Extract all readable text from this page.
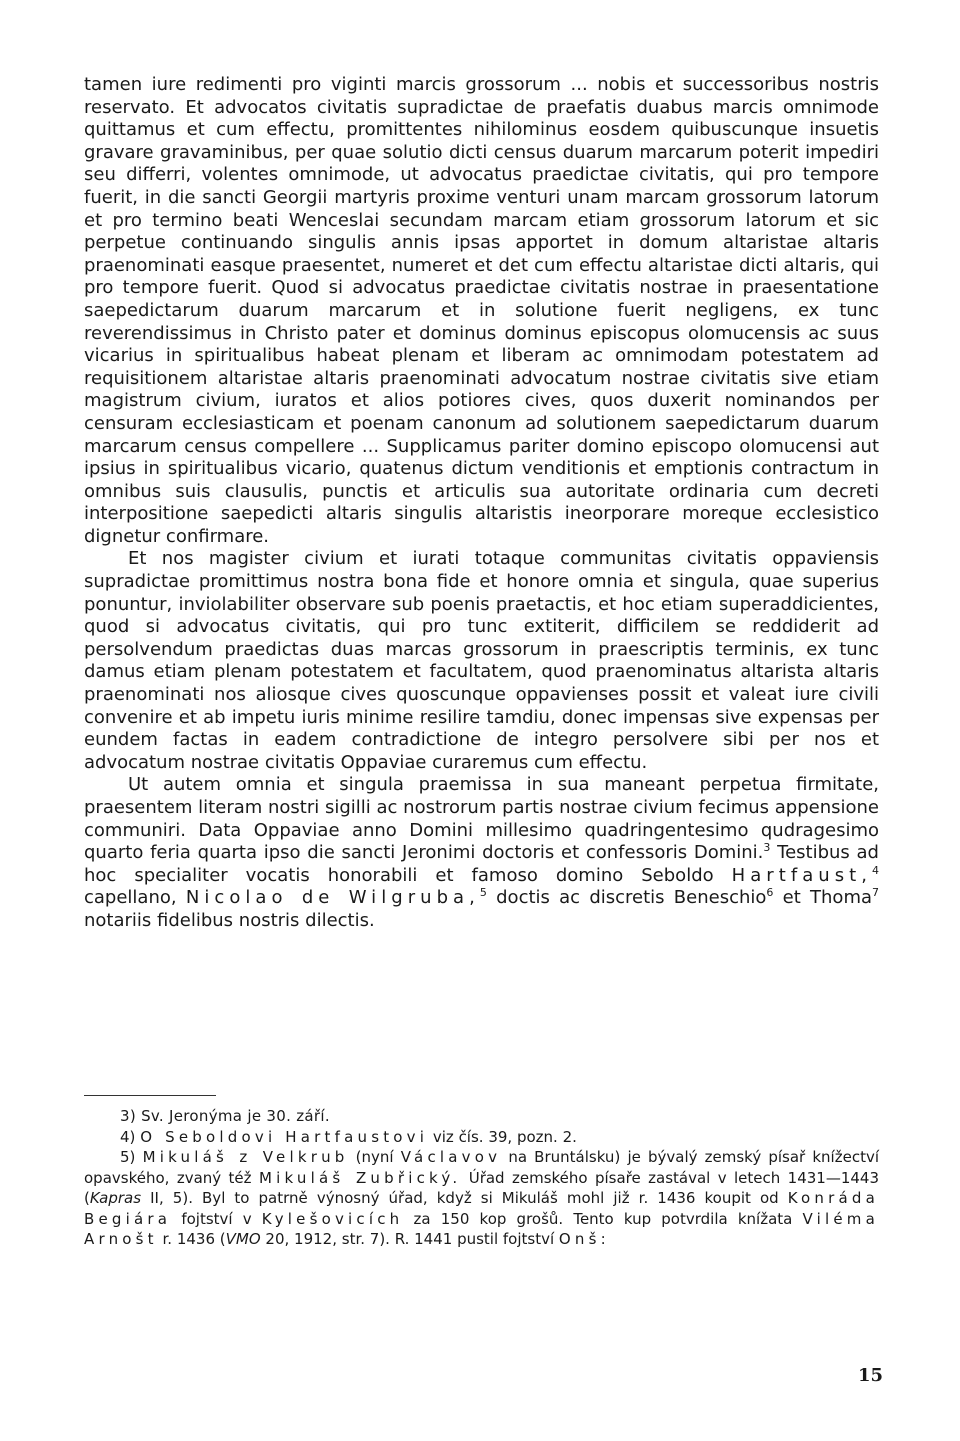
tamen iure redimenti pro viginti marcis grossorum ... nobis et successoribus nostris reservato. Et advocatos civitatis supradictae de praefatis duabus marcis omnimode quittamus et cum effectu, promittentes nihilominus eosdem quibuscunque insuetis gravare gravaminibus, per quae solutio dicti census duarum marcarum poterit impediri seu differri, volentes omnimode, ut advocatus praedictae civitatis, qui pro tempore fuerit, in die sancti Georgii martyris proxime venturi unam marcam grossorum latorum et pro termino beati Wenceslai secundam marcam etiam grossorum latorum et sic perpetue continuando singulis annis ipsas apportet in domum altaristae altaris praenominati easque praesentet, numeret et det cum effectu altaristae dicti altaris, qui pro tempore fuerit. Quod si advocatus praedictae civitatis nostrae in praesentatione saepedictarum duarum marcarum et in solutione fuerit negligens, ex tunc reverendissimus in Christo pater et dominus dominus episcopus olomucensis ac suus vicarius in spiritualibus habeat plenam et liberam ac omnimodam potestatem ad requisitionem altaristae altaris praenominati advocatum nostrae civitatis sive etiam magistrum civium, iuratos et alios potiores cives, quos duxerit nominandos per censuram ecclesiasticam et poenam canonum ad solutionem saepedictarum duarum marcarum census compellere ... Supplicamus pariter domino episcopo olomucensi aut ipsius in spiritualibus vicario, quatenus dictum venditionis et emptionis contractum in omnibus suis clausulis, punctis et articulis sua autoritate ordinaria cum decreti interpositione saepedicti altaris singulis altaristis ineorporare moreque ecclesistico dignetur confirmare.

Et nos magister civium et iurati totaque communitas civitatis oppaviensis supradictae promittimus nostra bona fide et honore omnia et singula, quae superius ponuntur, inviolabiliter observare sub poenis praetactis, et hoc etiam superaddicientes, quod si advocatus civitatis, qui pro tunc extiterit, difficilem se reddiderit ad persolvendum praedictas duas marcas grossorum in praescriptis terminis, ex tunc damus etiam plenam potestatem et facultatem, quod praenominatus altarista altaris praenominati nos aliosque cives quoscunque oppavienses possit et valeat iure civili convenire et ab impetu iuris minime resilire tamdiu, donec impensas sive expensas per eundem factas in eadem contradictione de integro persolvere sibi per nos et advocatum nostrae civitatis Oppaviae curaremus cum effectu.

Ut autem omnia et singula praemissa in sua maneant perpetua firmitate, praesentem literam nostri sigilli ac nostrorum partis nostrae civium fecimus appensione communiri. Data Oppaviae anno Domini millesimo quadringentesimo qudragesimo quarto feria quarta ipso die sancti Jeronimi doctoris et confessoris Domini.$^3$ Testibus ad hoc specialiter vocatis honorabili et famoso domino Seboldo Hartfaust,$^4$ capellano, Nicolao de Wilgruba,$^5$ doctis ac discretis Beneschio$^6$ et Thoma$^7$ notariis fidelibus nostris dilectis.

3) Sv. Jeronýma je 30. září.

4) O Seboldovi Hartfaustovi viz čís. 39, pozn. 2.

5) Mikuláš z Velkrub (nyní Václavov na Bruntálsku) je bývalý zemský písař knížectví opavského, zvaný též Mikuláš Zubřický. Úřad zemského písaře zastával v letech 1431—1443 (Kapras II, 5). Byl to patrně výnosný úřad, když si Mikuláš mohl již r. 1436 koupit od Konráda Begiára fojtství v Kylešovicích za 150 kop grošů. Tento kup potvrdila knížata Viléma Arnošt r. 1436 (VMO 20, 1912, str. 7). R. 1441 pustil fojtství Onš:

15
